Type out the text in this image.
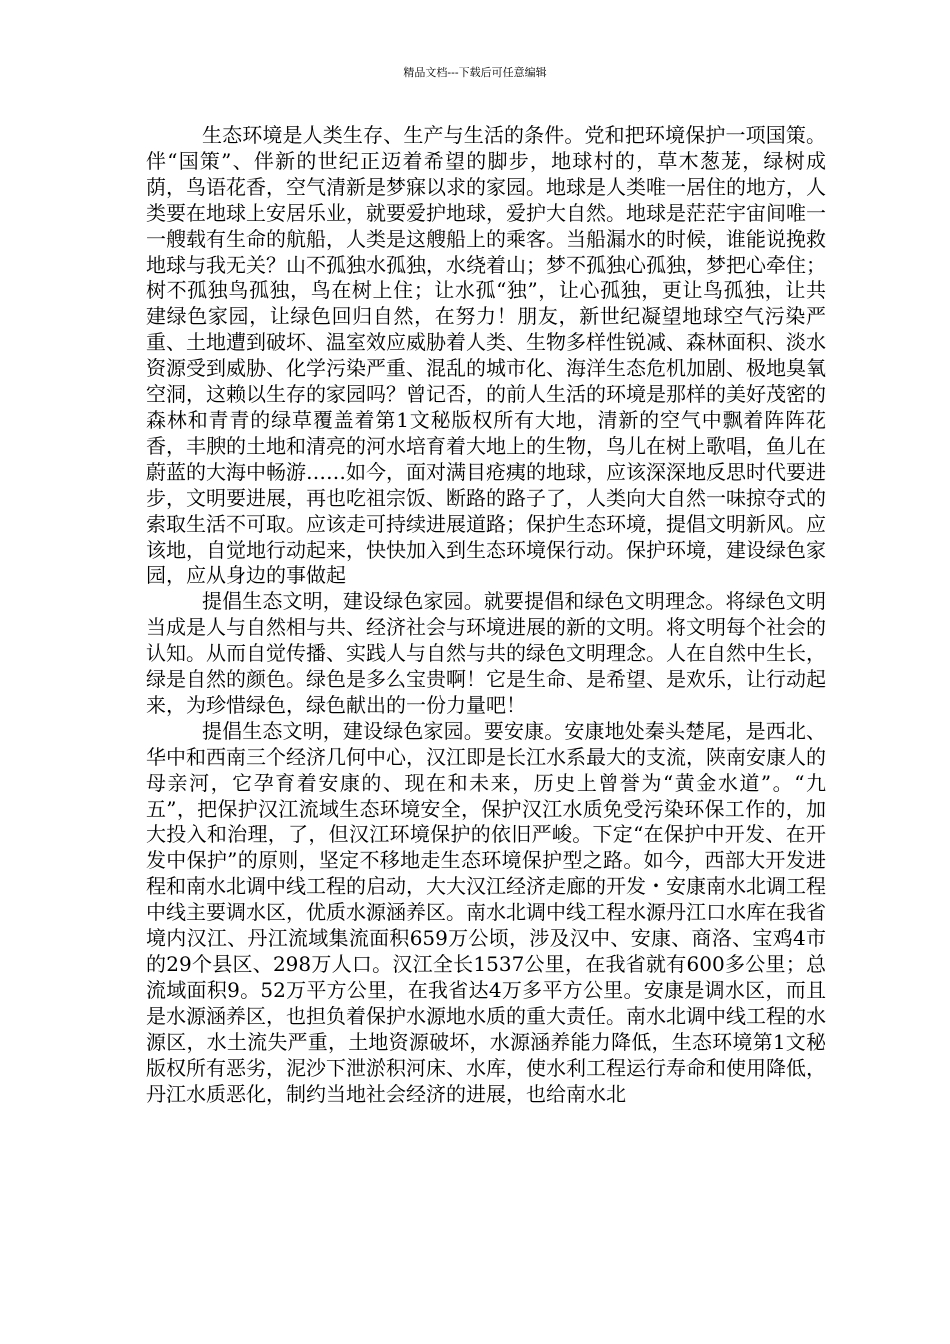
精品文档---下载后可任意编辑

生态环境是人类生存、生产与生活的条件。党和把环境保护一项国策。伴“国策”、伴新的世纪正迈着希望的脚步，地球村的，草木葱茏，绿树成荫，鸟语花香，空气清新是梦寐以求的家园。地球是人类唯一居住的地方，人类要在地球上安居乐业，就要爱护地球，爱护大自然。地球是茫茫宇宙间唯一一艘载有生命的航船，人类是这艘船上的乘客。当船漏水的时候，谁能说挽救地球与我无关？山不孤独水孤独，水绕着山；梦不孤独心孤独，梦把心牵住；树不孤独鸟孤独，鸟在树上住；让水孤“独”，让心孤独，更让鸟孤独，让共建绿色家园，让绿色回归自然，在努力！朋友，新世纪凝望地球空气污染严重、土地遭到破坏、温室效应威胁着人类、生物多样性锐减、森林面积、淡水资源受到威胁、化学污染严重、混乱的城市化、海洋生态危机加剧、极地臭氧空洞，这赖以生存的家园吗？曾记否，的前人生活的环境是那样的美好茂密的森林和青青的绿草覆盖着第1文秘版权所有大地，清新的空气中飘着阵阵花香，丰腴的土地和清亮的河水培育着大地上的生物，鸟儿在树上歌唱，鱼儿在蔚蓝的大海中畅游……如今，面对满目疮痍的地球，应该深深地反思时代要进步，文明要进展，再也吃祖宗饭、断路的路子了，人类向大自然一味掠夺式的索取生活不可取。应该走可持续进展道路；保护生态环境，提倡文明新风。应该地，自觉地行动起来，快快加入到生态环境保行动。保护环境，建设绿色家园，应从身边的事做起

提倡生态文明，建设绿色家园。就要提倡和绿色文明理念。将绿色文明当成是人与自然相与共、经济社会与环境进展的新的文明。将文明每个社会的认知。从而自觉传播、实践人与自然与共的绿色文明理念。人在自然中生长，绿是自然的颜色。绿色是多么宝贵啊！它是生命、是希望、是欢乐，让行动起来，为珍惜绿色，绿色献出的一份力量吧！

提倡生态文明，建设绿色家园。要安康。安康地处秦头楚尾，是西北、华中和西南三个经济几何中心，汉江即是长江水系最大的支流，陕南安康人的母亲河，它孕育着安康的、现在和未来，历史上曾誉为“黄金水道”。“九五”，把保护汉江流域生态环境安全，保护汉江水质免受污染环保工作的，加大投入和治理，了，但汉江环境保护的依旧严峻。下定“在保护中开发、在开发中保护”的原则，坚定不移地走生态环境保护型之路。如今，西部大开发进程和南水北调中线工程的启动，大大汉江经济走廊的开发・安康南水北调工程中线主要调水区，优质水源涵养区。南水北调中线工程水源丹江口水库在我省境内汉江、丹江流域集流面积659万公顷，涉及汉中、安康、商洛、宝鸡4市的29个县区、298万人口。汉江全长1537公里，在我省就有600多公里；总流域面积9。52万平方公里，在我省达4万多平方公里。安康是调水区，而且是水源涵养区，也担负着保护水源地水质的重大责任。南水北调中线工程的水源区，水土流失严重，土地资源破坏，水源涵养能力降低，生态环境第1文秘版权所有恶劣，泥沙下泄淤积河床、水库，使水利工程运行寿命和使用降低，丹江水质恶化，制约当地社会经济的进展，也给南水北
